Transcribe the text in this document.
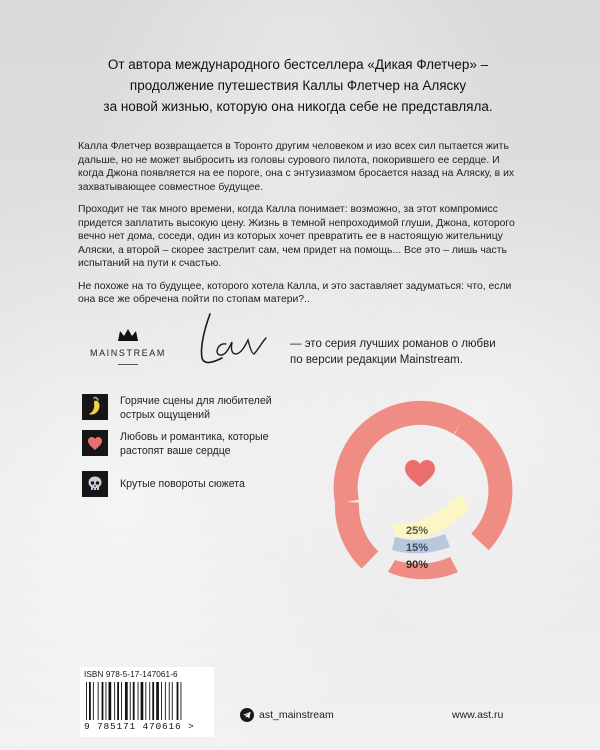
От автора международного бестселлера «Дикая Флетчер» –
продолжение путешествия Каллы Флетчер на Аляску
за новой жизнью, которую она никогда себе не представляла.

Калла Флетчер возвращается в Торонто другим человеком и изо всех сил пытается жить дальше, но не может выбросить из головы сурового пилота, покорившего ее сердце. И когда Джона появляется на ее пороге, она с энтузиазмом бросается назад на Аляску, в их захватывающее совместное будущее.

Проходит не так много времени, когда Калла понимает: возможно, за этот компромисс придется заплатить высокую цену. Жизнь в темной непроходимой глуши, Джона, которого вечно нет дома, соседи, один из которых хочет превратить ее в настоящую жительницу Аляски, а второй – скорее застрелит сам, чем придет на помощь... Все это – лишь часть испытаний на пути к счастью.

Не похоже на то будущее, которого хотела Калла, и это заставляет задуматься: что, если она все же обречена пойти по стопам матери?..

MAINSTREAM
Lav
— это серия лучших романов о любви
по версии редакции Mainstream.
Горячие сцены для любителей
острых ощущений
Любовь и романтика, которые
растопят ваше сердце
Крутые повороты сюжета
25%
15%
90%
ISBN 978-5-17-147061-6
9 785171 470616 >
ast_mainstream	www.ast.ru
